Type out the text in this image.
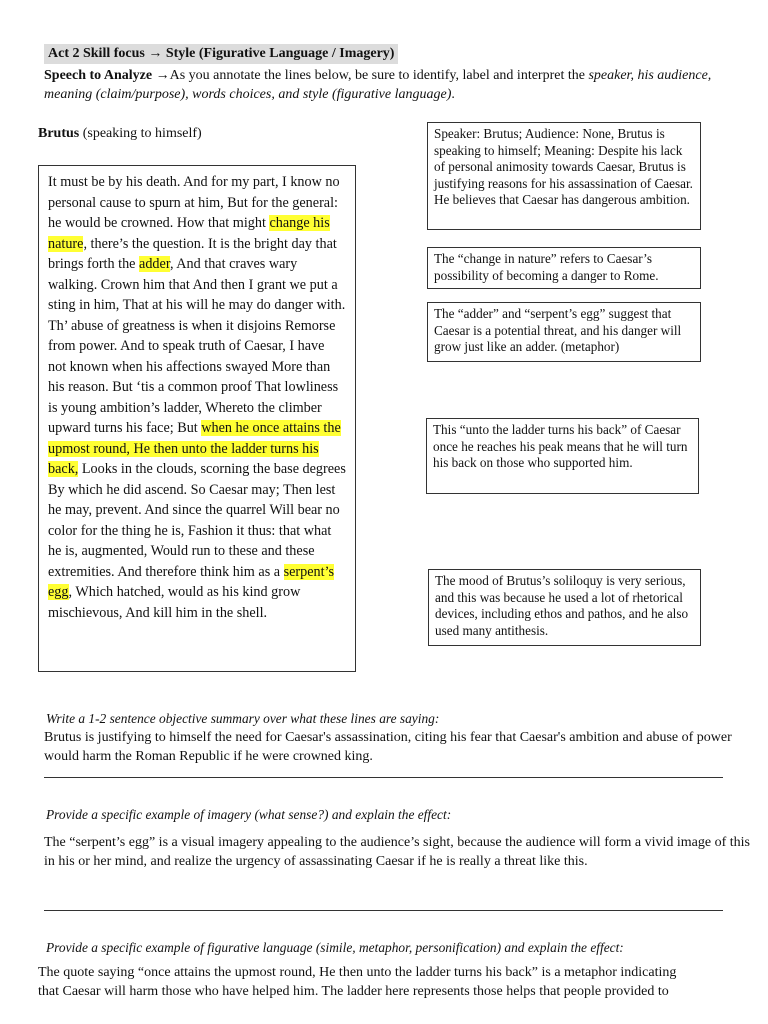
Act 2 Skill focus → Style (Figurative Language / Imagery)
Speech to Analyze →As you annotate the lines below, be sure to identify, label and interpret the speaker, his audience, meaning (claim/purpose), words choices, and style (figurative language).
Brutus (speaking to himself)
It must be by his death. And for my part, I know no personal cause to spurn at him, But for the general: he would be crowned. How that might change his nature, there’s the question. It is the bright day that brings forth the adder, And that craves wary walking. Crown him that And then I grant we put a sting in him, That at his will he may do danger with. Th’ abuse of greatness is when it disjoins Remorse from power. And to speak truth of Caesar, I have not known when his affections swayed More than his reason. But ‘tis a common proof That lowliness is young ambition’s ladder, Whereto the climber upward turns his face; But when he once attains the upmost round, He then unto the ladder turns his back, Looks in the clouds, scorning the base degrees By which he did ascend. So Caesar may; Then lest he may, prevent. And since the quarrel Will bear no color for the thing he is, Fashion it thus: that what he is, augmented, Would run to these and these extremities. And therefore think him as a serpent’s egg, Which hatched, would as his kind grow mischievous, And kill him in the shell.
Speaker: Brutus; Audience: None, Brutus is speaking to himself; Meaning: Despite his lack of personal animosity towards Caesar, Brutus is justifying reasons for his assassination of Caesar. He believes that Caesar has dangerous ambition.
The “change in nature” refers to Caesar’s possibility of becoming a danger to Rome.
The “adder” and “serpent’s egg” suggest that Caesar is a potential threat, and his danger will grow just like an adder. (metaphor)
This “unto the ladder turns his back” of Caesar once he reaches his peak means that he will turn his back on those who supported him.
The mood of Brutus’s soliloquy is very serious, and this was because he used a lot of rhetorical devices, including ethos and pathos, and he also used many antithesis.
Write a 1-2 sentence objective summary over what these lines are saying:
Brutus is justifying to himself the need for Caesar's assassination, citing his fear that Caesar's ambition and abuse of power would harm the Roman Republic if he were crowned king.
Provide a specific example of imagery (what sense?) and explain the effect:
The “serpent’s egg” is a visual imagery appealing to the audience’s sight, because the audience will form a vivid image of this in his or her mind, and realize the urgency of assassinating Caesar if he is really a threat like this.
Provide a specific example of figurative language (simile, metaphor, personification) and explain the effect:
The quote saying “once attains the upmost round, He then unto the ladder turns his back” is a metaphor indicating that Caesar will harm those who have helped him. The ladder here represents those helps that people provided to
